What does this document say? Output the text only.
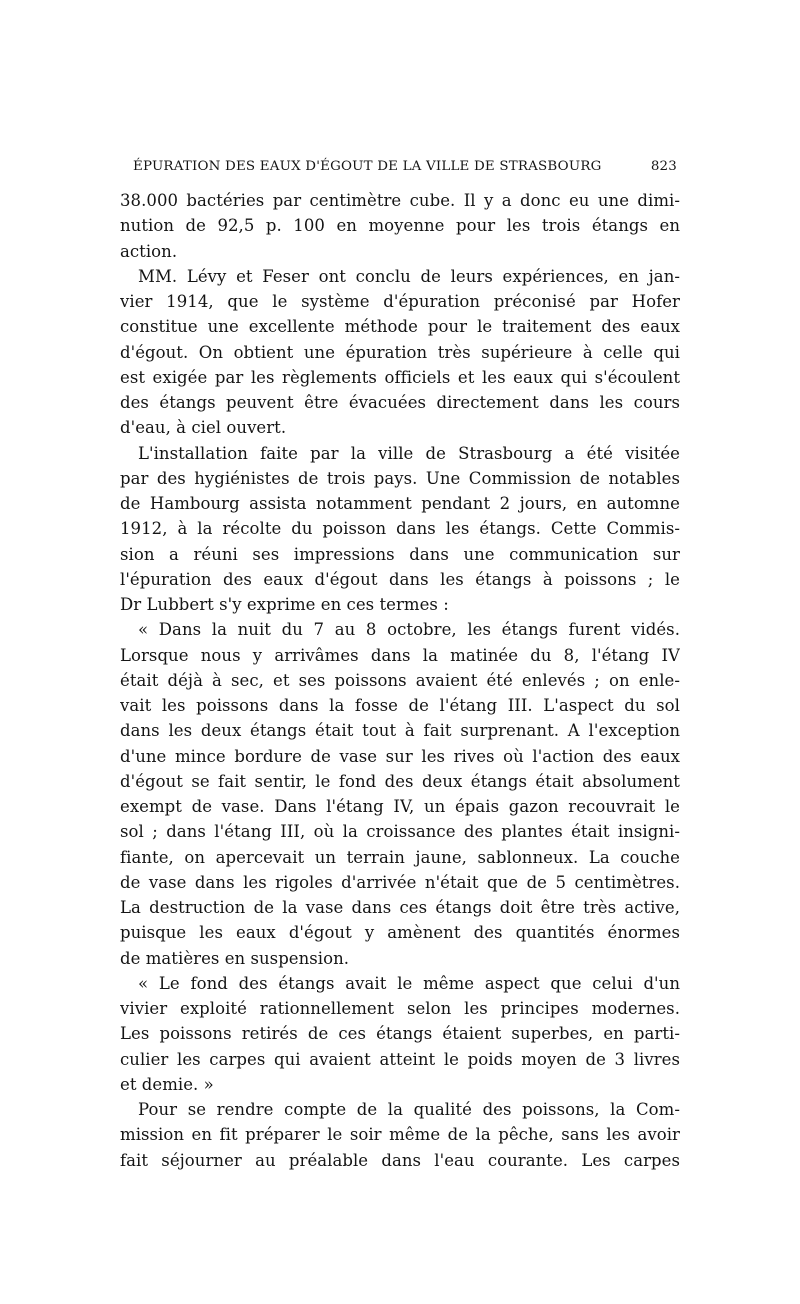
ÉPURATION DES EAUX D'ÉGOUT DE LA VILLE DE STRASBOURG	823
38.000 bactéries par centimètre cube. Il y a donc eu une dimi-
nution de 92,5 p. 100 en moyenne pour les trois étangs en
action.
MM. Lévy et Feser ont conclu de leurs expériences, en jan-
vier 1914, que le système d'épuration préconisé par Hofer
constitue une excellente méthode pour le traitement des eaux
d'égout. On obtient une épuration très supérieure à celle qui
est exigée par les règlements officiels et les eaux qui s'écoulent
des étangs peuvent être évacuées directement dans les cours
d'eau, à ciel ouvert.
L'installation faite par la ville de Strasbourg a été visitée
par des hygiénistes de trois pays. Une Commission de notables
de Hambourg assista notamment pendant 2 jours, en automne
1912, à la récolte du poisson dans les étangs. Cette Commis-
sion a réuni ses impressions dans une communication sur
l'épuration des eaux d'égout dans les étangs à poissons ; le
Dr Lubbert s'y exprime en ces termes :
« Dans la nuit du 7 au 8 octobre, les étangs furent vidés.
Lorsque nous y arrivâmes dans la matinée du 8, l'étang IV
était déjà à sec, et ses poissons avaient été enlevés ; on enle-
vait les poissons dans la fosse de l'étang III. L'aspect du sol
dans les deux étangs était tout à fait surprenant. A l'exception
d'une mince bordure de vase sur les rives où l'action des eaux
d'égout se fait sentir, le fond des deux étangs était absolument
exempt de vase. Dans l'étang IV, un épais gazon recouvrait le
sol ; dans l'étang III, où la croissance des plantes était insigni-
fiante, on apercevait un terrain jaune, sablonneux. La couche
de vase dans les rigoles d'arrivée n'était que de 5 centimètres.
La destruction de la vase dans ces étangs doit être très active,
puisque les eaux d'égout y amènent des quantités énormes
de matières en suspension.
« Le fond des étangs avait le même aspect que celui d'un
vivier exploité rationnellement selon les principes modernes.
Les poissons retirés de ces étangs étaient superbes, en parti-
culier les carpes qui avaient atteint le poids moyen de 3 livres
et demie. »
Pour se rendre compte de la qualité des poissons, la Com-
mission en fit préparer le soir même de la pêche, sans les avoir
fait séjourner au préalable dans l'eau courante. Les carpes
